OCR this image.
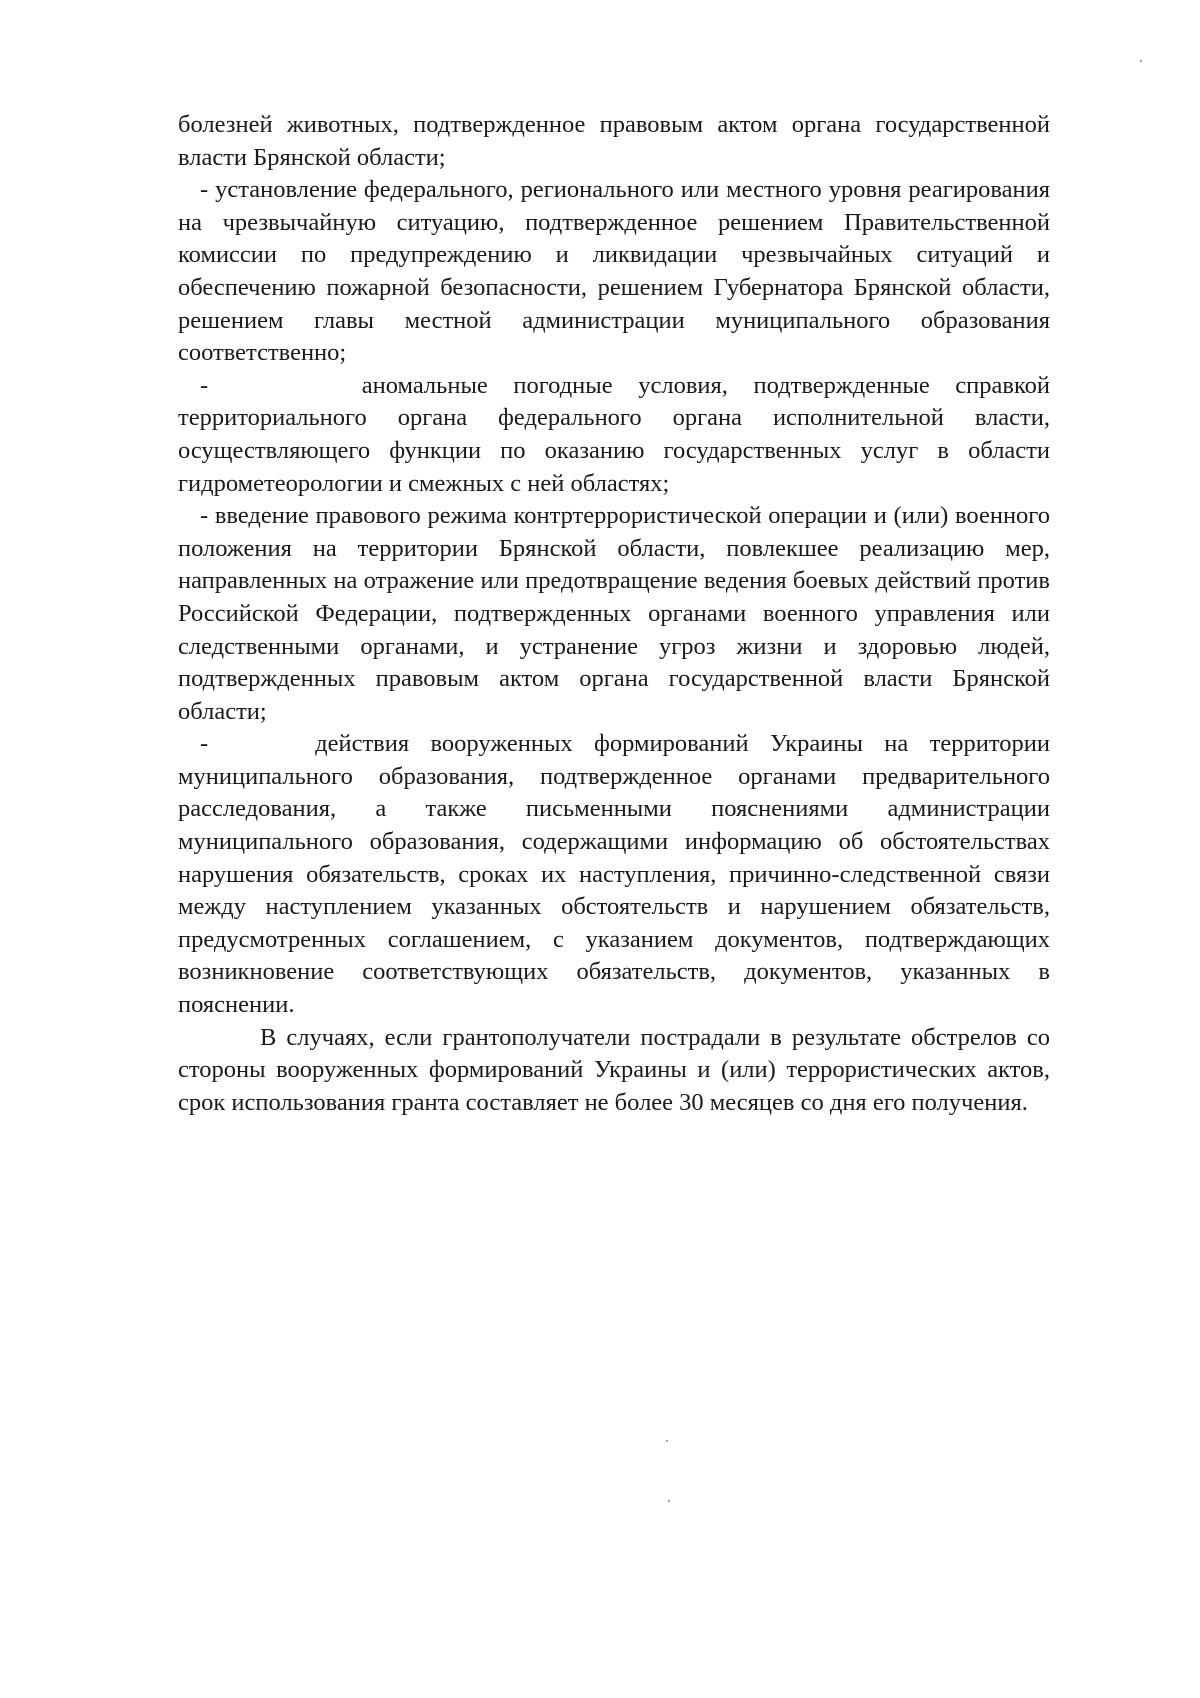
болезней животных, подтвержденное правовым актом органа государственной власти Брянской области;

- установление федерального, регионального или местного уровня реагирования на чрезвычайную ситуацию, подтвержденное решением Правительственной комиссии по предупреждению и ликвидации чрезвычайных ситуаций и обеспечению пожарной безопасности, решением Губернатора Брянской области, решением главы местной администрации муниципального образования соответственно;

-      аномальные погодные условия, подтвержденные справкой территориального органа федерального органа исполнительной власти, осуществляющего функции по оказанию государственных услуг в области гидрометеорологии и смежных с ней областях;

- введение правового режима контртеррористической операции и (или) военного положения на территории Брянской области, повлекшее реализацию мер, направленных на отражение или предотвращение ведения боевых действий против Российской Федерации, подтвержденных органами военного управления или следственными органами, и устранение угроз жизни и здоровью людей, подтвержденных правовым актом органа государственной власти Брянской области;

-     действия вооруженных формирований Украины на территории муниципального образования, подтвержденное органами предварительного расследования, а также письменными пояснениями администрации муниципального образования, содержащими информацию об обстоятельствах нарушения обязательств, сроках их наступления, причинно-следственной связи между наступлением указанных обстоятельств и нарушением обязательств, предусмотренных соглашением, с указанием документов, подтверждающих возникновение соответствующих обязательств, документов, указанных в пояснении.

В случаях, если грантополучатели пострадали в результате обстрелов со стороны вооруженных формирований Украины и (или) террористических актов, срок использования гранта составляет не более 30 месяцев со дня его получения.
